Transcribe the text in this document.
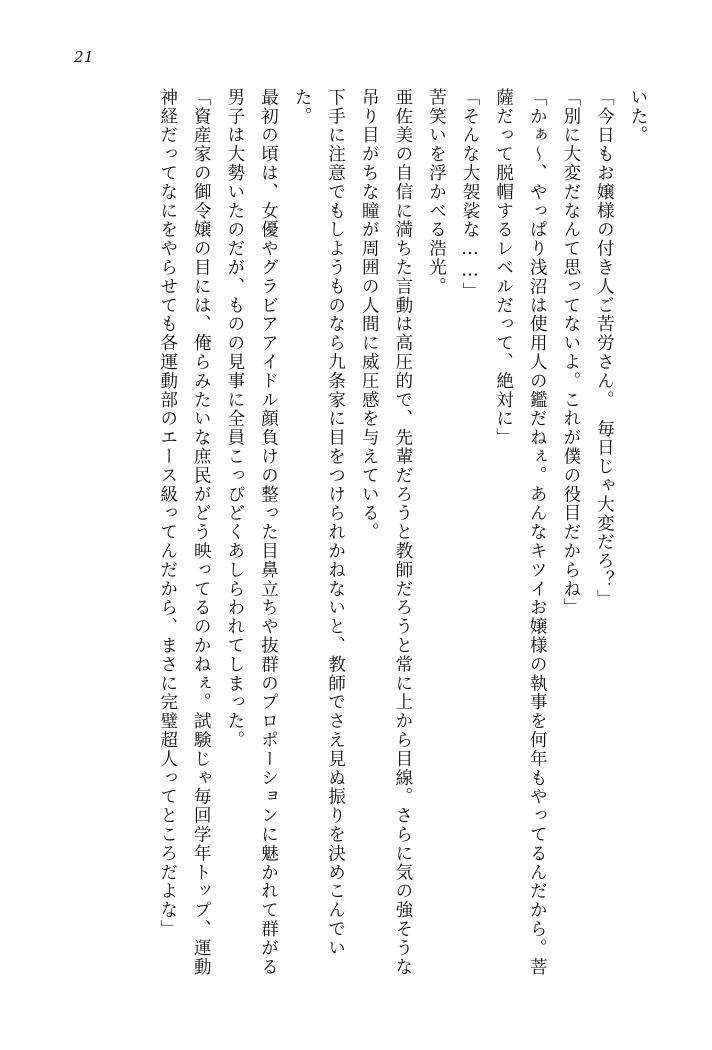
21

いた。

「今日もお嬢様の付き人ご苦労さん。　毎日じゃ大変だろ？」

「別に大変だなんて思ってないよ。これが僕の役目だからね」

「かぁ～、やっぱり浅沼は使用人の鑑だねぇ。あんなキツイお嬢様の執事を何年もやってるんだから。菩薩だって脱帽するレベルだって、絶対に」

「そんな大袈裟な……」

苦笑いを浮かべる浩光。

亜佐美の自信に満ちた言動は高圧的で、先輩だろうと教師だろうと常に上から目線。さらに気の強そうな吊り目がちな瞳が周囲の人間に威圧感を与えている。

下手に注意でもしようものなら九条家に目をつけられかねないと、教師でさえ見ぬ振りを決めこんでいた。

最初の頃は、女優やグラビアアイドル顔負けの整った目鼻立ちや抜群のプロポーションに魅かれて群がる男子は大勢いたのだが、ものの見事に全員こっぴどくあしらわれてしまった。

「資産家の御令嬢の目には、俺らみたいな庶民がどう映ってるのかねぇ。試験じゃ毎回学年トップ、運動神経だってなにをやらせても各運動部のエース級ってんだから、まさに完璧超人ってところだよな」
